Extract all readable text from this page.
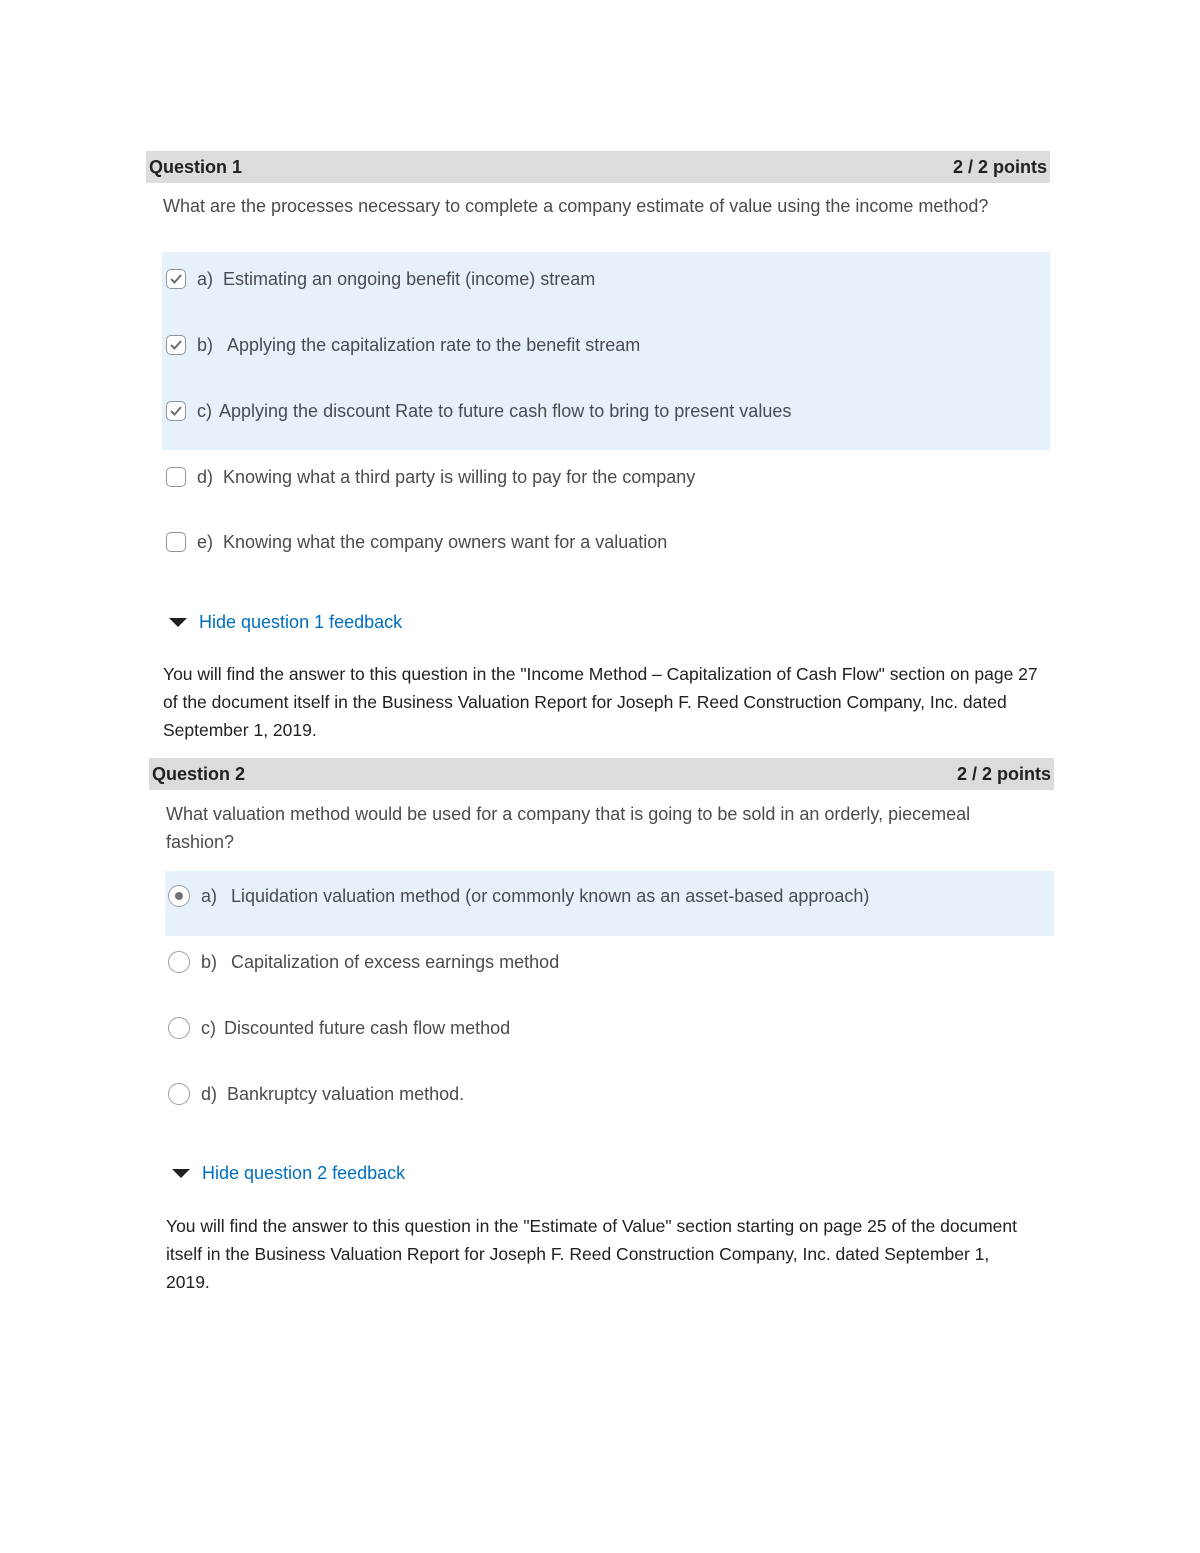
Question 1	2 / 2 points
What are the processes necessary to complete a company estimate of value using the income method?
a) Estimating an ongoing benefit (income) stream
b) Applying the capitalization rate to the benefit stream
c) Applying the discount Rate to future cash flow to bring to present values
d) Knowing what a third party is willing to pay for the company
e) Knowing what the company owners want for a valuation
Hide question 1 feedback
You will find the answer to this question in the "Income Method – Capitalization of Cash Flow" section on page 27 of the document itself in the Business Valuation Report for Joseph F. Reed Construction Company, Inc. dated September 1, 2019.
Question 2	2 / 2 points
What valuation method would be used for a company that is going to be sold in an orderly, piecemeal fashion?
a) Liquidation valuation method (or commonly known as an asset-based approach)
b) Capitalization of excess earnings method
c) Discounted future cash flow method
d) Bankruptcy valuation method.
Hide question 2 feedback
You will find the answer to this question in the "Estimate of Value" section starting on page 25 of the document itself in the Business Valuation Report for Joseph F. Reed Construction Company, Inc. dated September 1, 2019.
